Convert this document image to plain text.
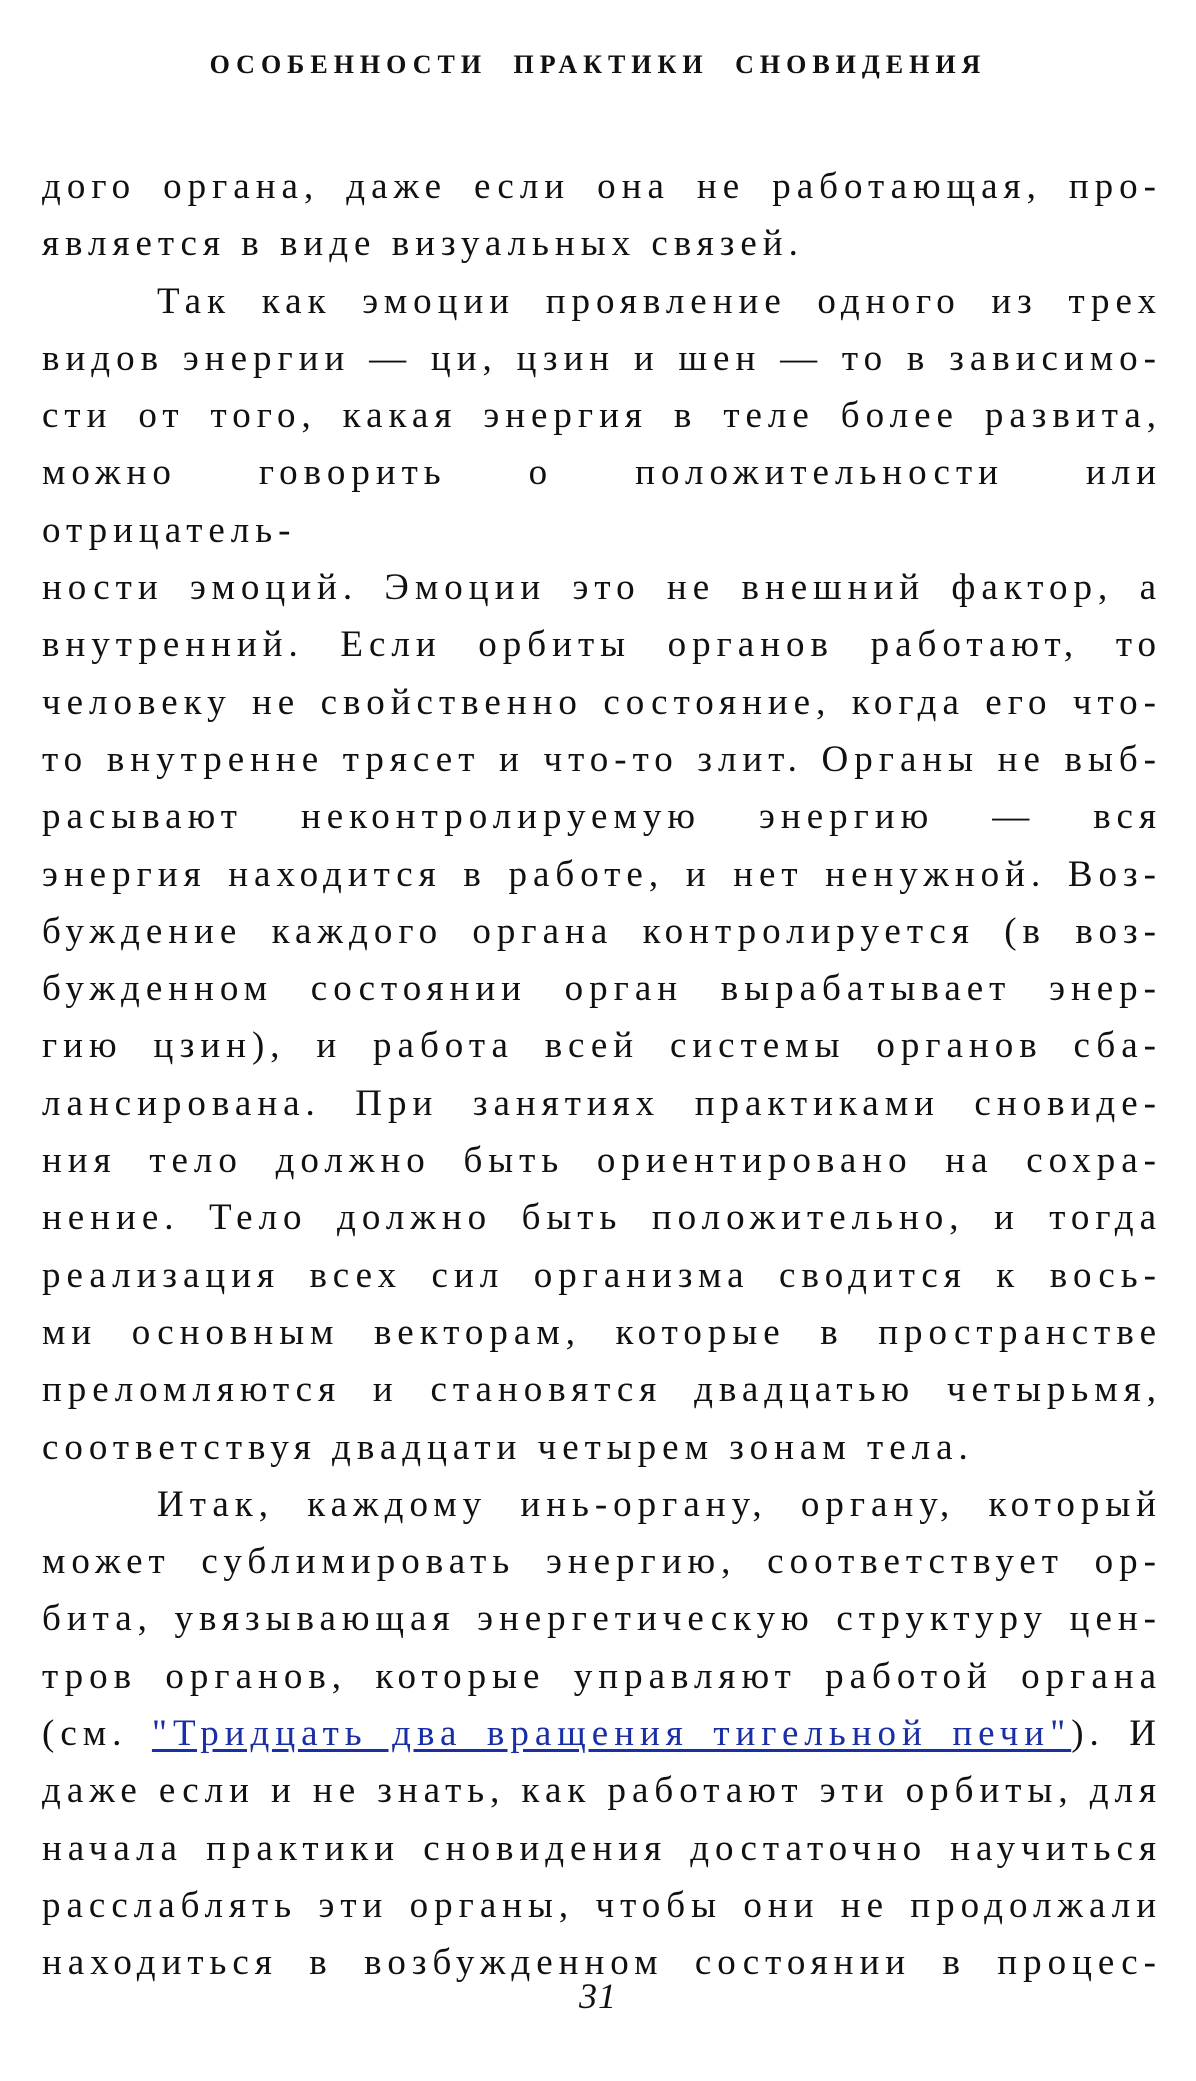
ОСОБЕННОСТИ ПРАКТИКИ СНОВИДЕНИЯ

дого органа, даже если она не работающая, про-

является в виде визуальных связей.

Так как эмоции проявление одного из трех

видов энергии — ци, цзин и шен — то в зависимо-

сти от того, какая энергия в теле более развита,

можно говорить о положительности или отрицатель-

ности эмоций. Эмоции это не внешний фактор, а

внутренний. Если орбиты органов работают, то

человеку не свойственно состояние, когда его что-

то внутренне трясет и что-то злит. Органы не выб-

расывают неконтролируемую энергию — вся

энергия находится в работе, и нет ненужной. Воз-

буждение каждого органа контролируется (в воз-

бужденном состоянии орган вырабатывает энер-

гию цзин), и работа всей системы органов сба-

лансирована. При занятиях практиками сновиде-

ния тело должно быть ориентировано на сохра-

нение. Тело должно быть положительно, и тогда

реализация всех сил организма сводится к вось-

ми основным векторам, которые в пространстве

преломляются и становятся двадцатью четырьмя,

соответствуя двадцати четырем зонам тела.

Итак, каждому инь-органу, органу, который

может сублимировать энергию, соответствует ор-

бита, увязывающая энергетическую структуру цен-

тров органов, которые управляют работой органа

(см. "Тридцать два вращения тигельной печи"). И

даже если и не знать, как работают эти орбиты, для

начала практики сновидения достаточно научиться

расслаблять эти органы, чтобы они не продолжали

находиться в возбужденном состоянии в процес-

31
